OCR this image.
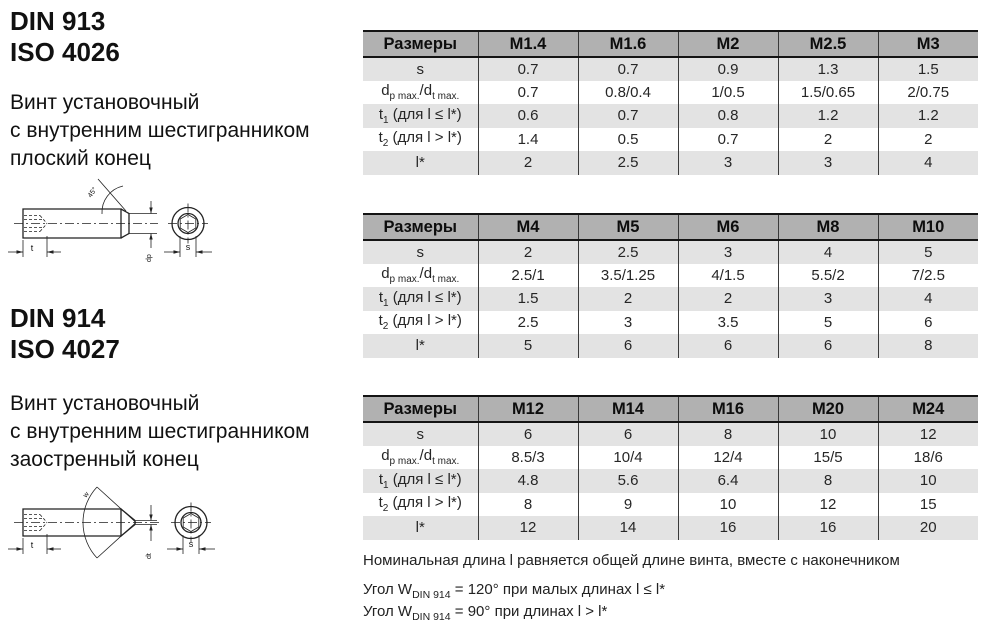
DIN 913
ISO 4026
Винт установочный
с внутренним шестигранником
плоский конец
45°
t
dp
s
DIN 914
ISO 4027
Винт установочный
с внутренним шестигранником
заостренный конец
w
t
dt
s
Размеры	M1.4	M1.6	M2	M2.5	M3
s	0.7	0.7	0.9	1.3	1.5
$d_{p max.}/d_{t max.}$	0.7	0.8/0.4	1/0.5	1.5/0.65	2/0.75
$t_1$ (для l ≤ l*)	0.6	0.7	0.8	1.2	1.2
$t_2$ (для l > l*)	1.4	0.5	0.7	2	2
l*	2	2.5	3	3	4
Размеры	M4	M5	M6	M8	M10
s	2	2.5	3	4	5
$d_{p max.}/d_{t max.}$	2.5/1	3.5/1.25	4/1.5	5.5/2	7/2.5
$t_1$ (для l ≤ l*)	1.5	2	2	3	4
$t_2$ (для l > l*)	2.5	3	3.5	5	6
l*	5	6	6	6	8
Размеры	M12	M14	M16	M20	M24
s	6	6	8	10	12
$d_{p max.}/d_{t max.}$	8.5/3	10/4	12/4	15/5	18/6
$t_1$ (для l ≤ l*)	4.8	5.6	6.4	8	10
$t_2$ (для l > l*)	8	9	10	12	15
l*	12	14	16	16	20
Номинальная длина l равняется общей длине винта, вместе с наконечником
Угол $W_{DIN 914} = 120^\circ$ при малых длинах l ≤ l*
Угол $W_{DIN 914} = 90^\circ$ при длинах l > l*
